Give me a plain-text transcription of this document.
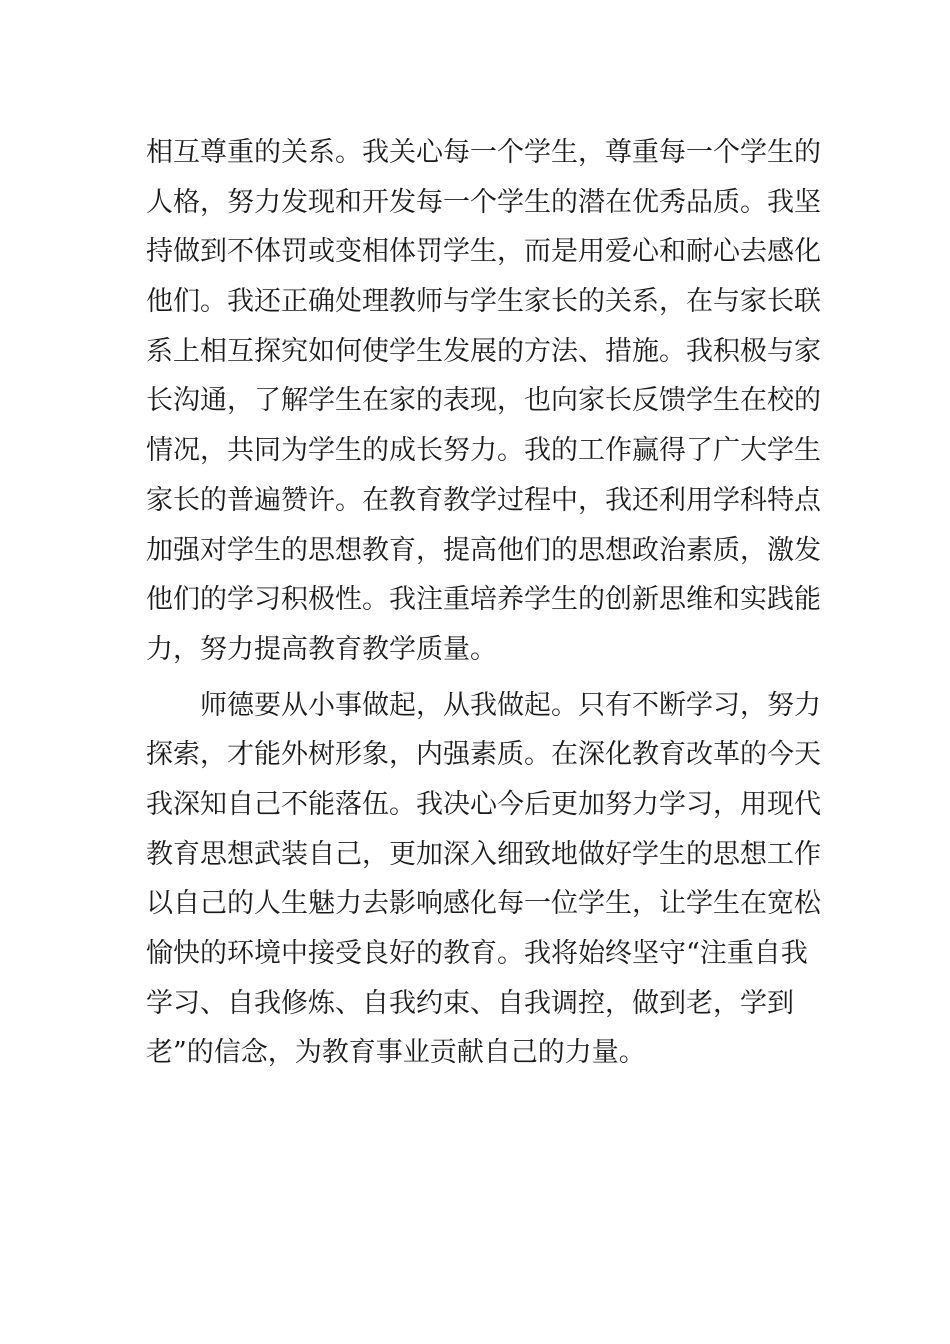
相互尊重的关系。我关心每一个学生，尊重每一个学生的
人格，努力发现和开发每一个学生的潜在优秀品质。我坚
持做到不体罚或变相体罚学生，而是用爱心和耐心去感化
他们。我还正确处理教师与学生家长的关系，在与家长联
系上相互探究如何使学生发展的方法、措施。我积极与家
长沟通，了解学生在家的表现，也向家长反馈学生在校的
情况，共同为学生的成长努力。我的工作赢得了广大学生
家长的普遍赞许。在教育教学过程中，我还利用学科特点
加强对学生的思想教育，提高他们的思想政治素质，激发
他们的学习积极性。我注重培养学生的创新思维和实践能
力，努力提高教育教学质量。
师德要从小事做起，从我做起。只有不断学习，努力
探索，才能外树形象，内强素质。在深化教育改革的今天
我深知自己不能落伍。我决心今后更加努力学习，用现代
教育思想武装自己，更加深入细致地做好学生的思想工作
以自己的人生魅力去影响感化每一位学生，让学生在宽松
愉快的环境中接受良好的教育。我将始终坚守“注重自我
学习、自我修炼、自我约束、自我调控，做到老，学到
老”的信念，为教育事业贡献自己的力量。
